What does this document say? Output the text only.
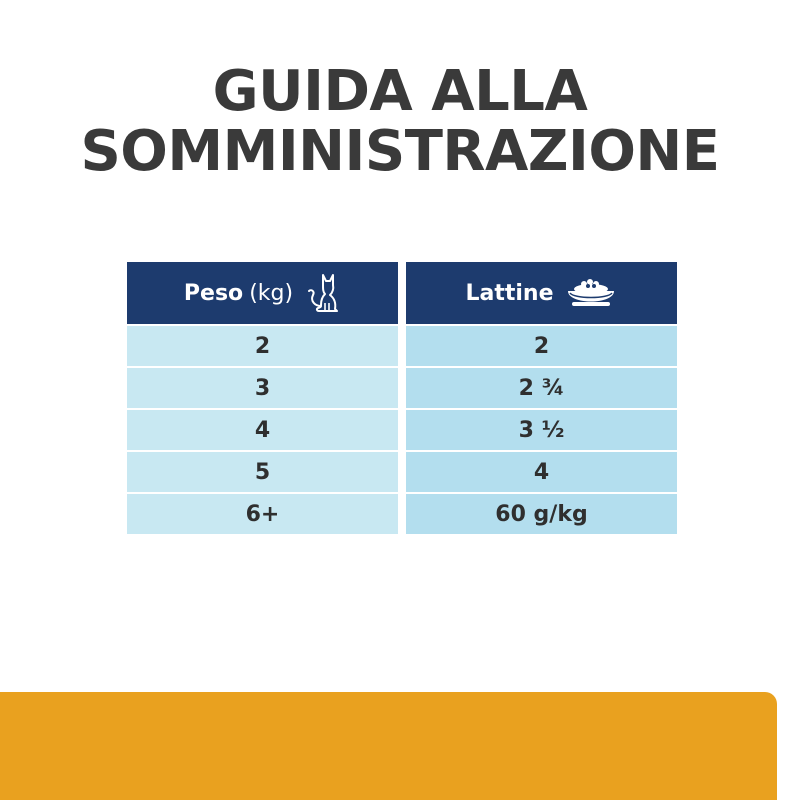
GUIDA ALLA
SOMMINISTRAZIONE
Peso (kg)
2
3
4
5
6+
Lattine
2
2 ¾
3 ½
4
60 g/kg
